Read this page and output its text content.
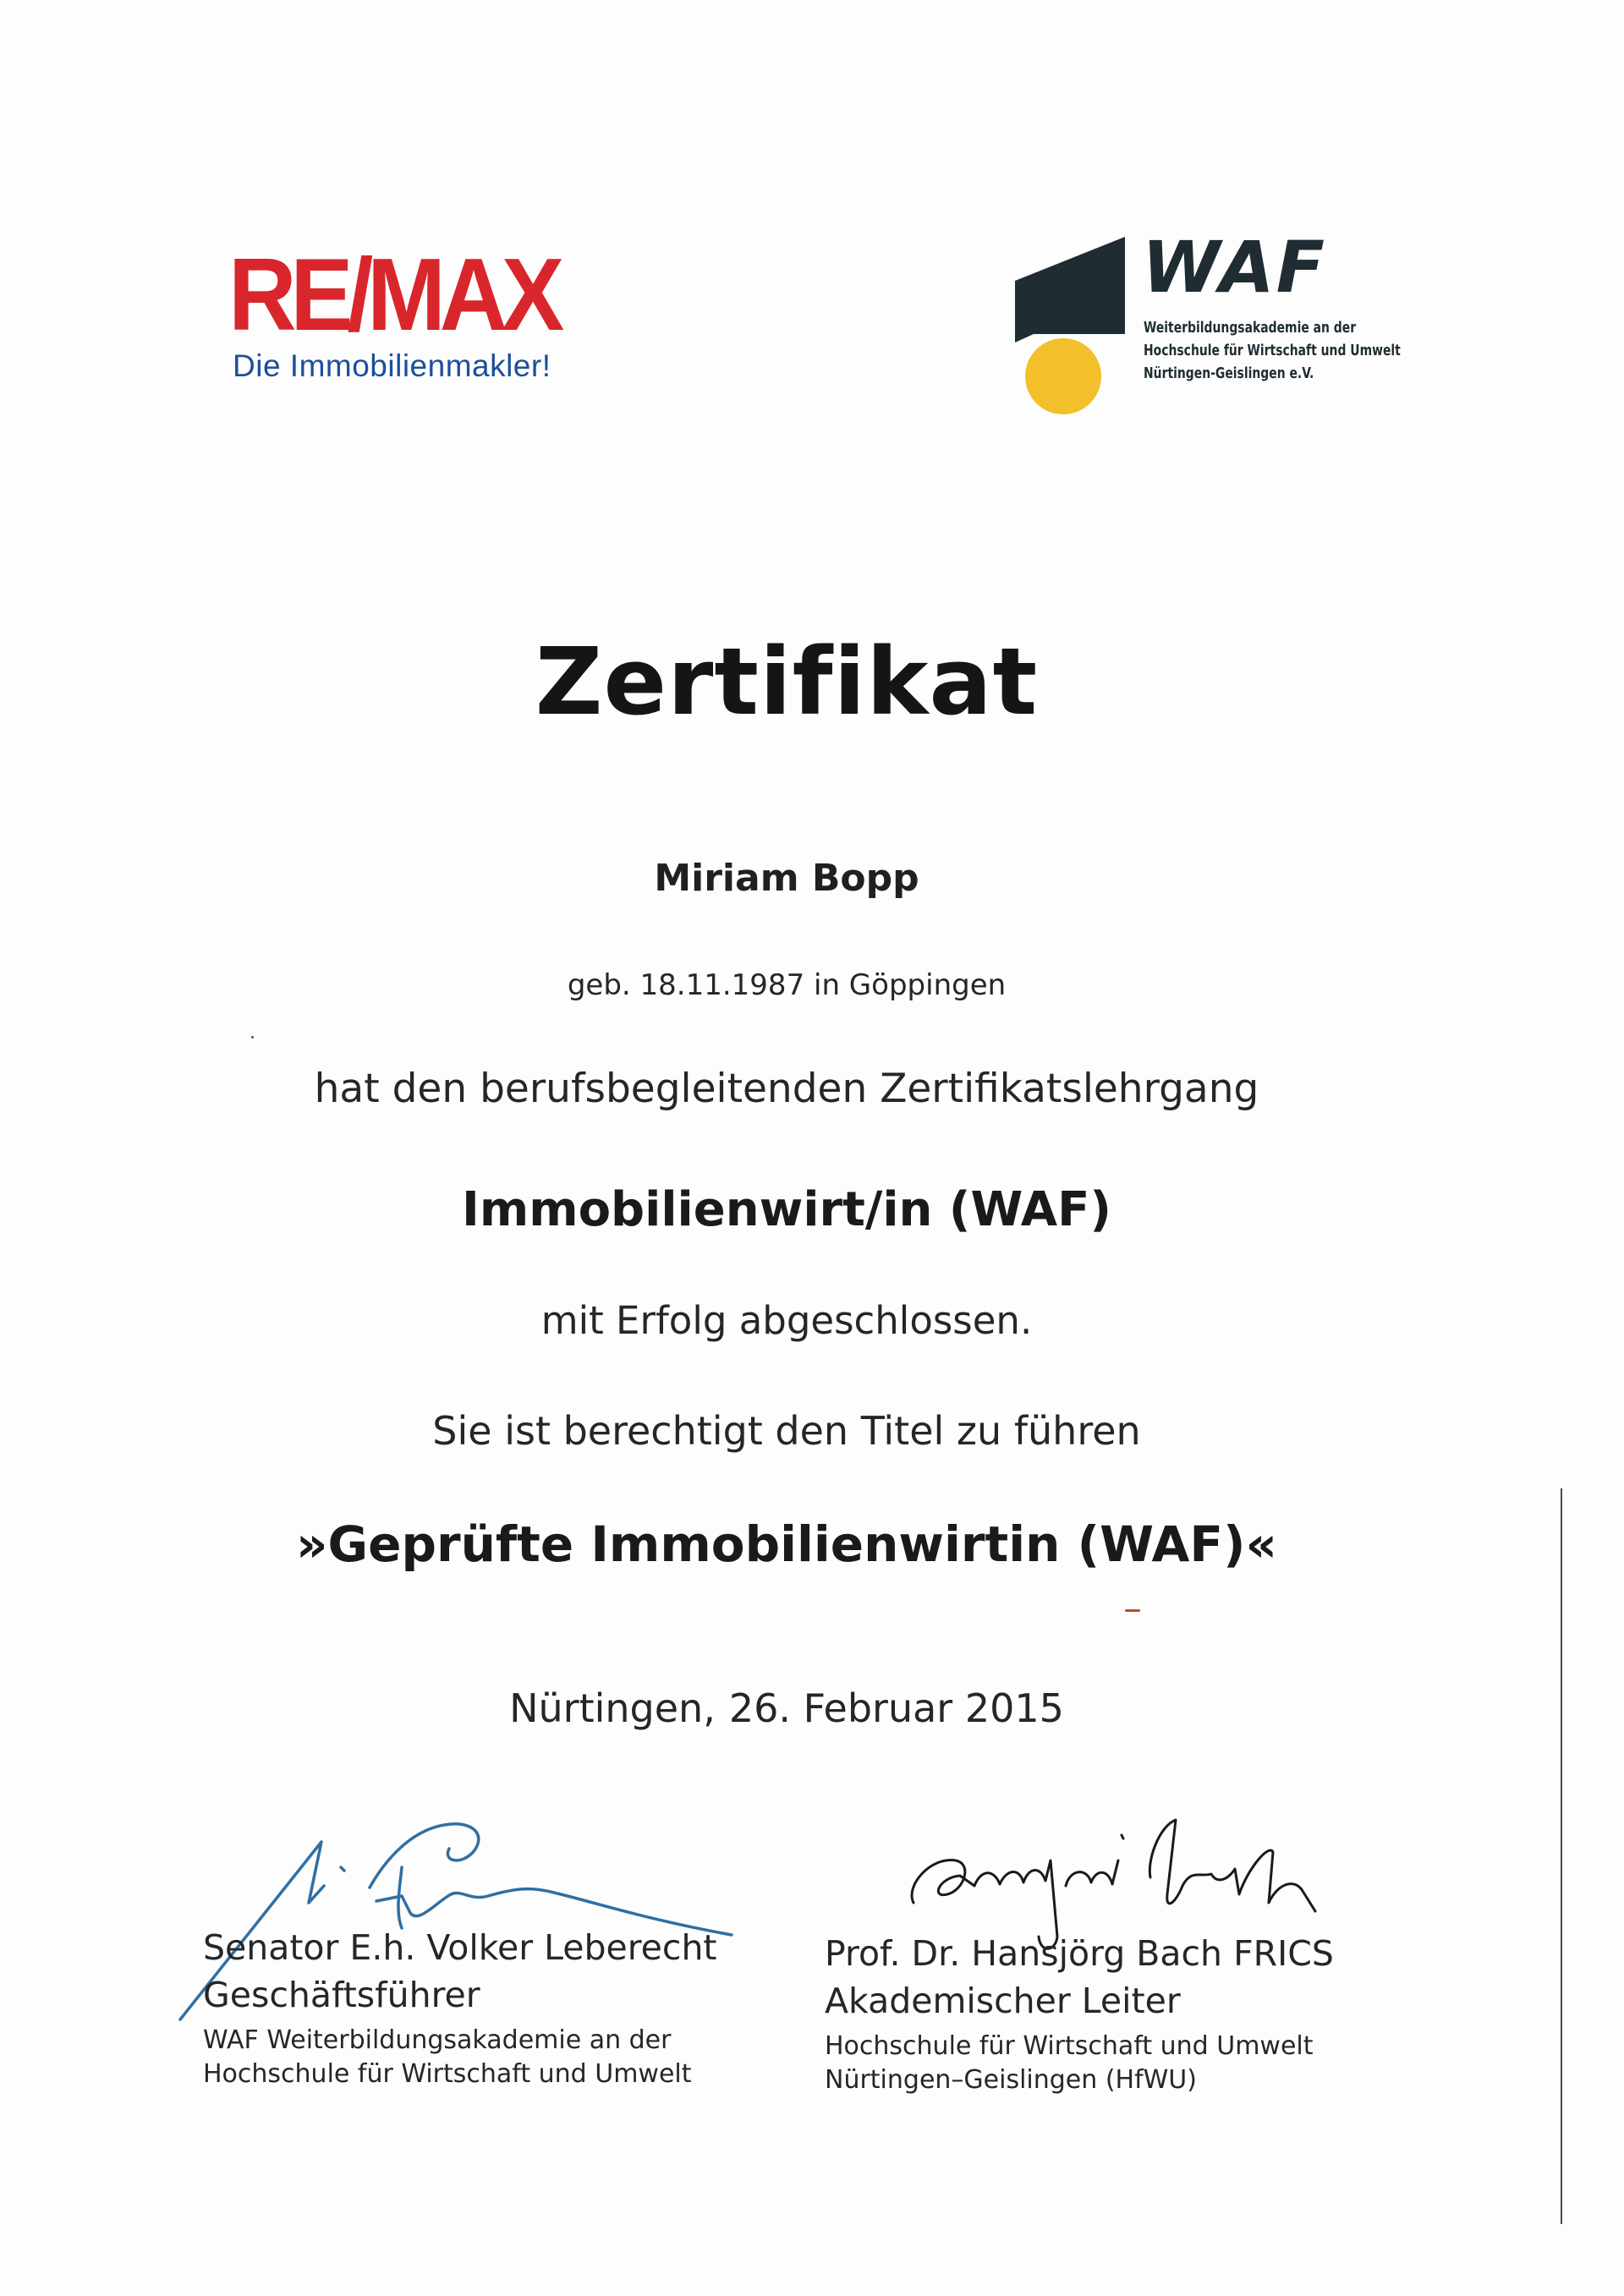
RE/MAX
Die Immobilienmakler!
WAF
Weiterbildungsakademie an der
Hochschule für Wirtschaft und Umwelt
Nürtingen-Geislingen e.V.
Zertifikat
Miriam Bopp
geb. 18.11.1987 in Göppingen
hat den berufsbegleitenden Zertifikatslehrgang
Immobilienwirt/in (WAF)
mit Erfolg abgeschlossen.
Sie ist berechtigt den Titel zu führen
»Geprüfte Immobilienwirtin (WAF)«
Nürtingen, 26. Februar 2015
Senator E.h. Volker Leberecht
Geschäftsführer
WAF Weiterbildungsakademie an der
Hochschule für Wirtschaft und Umwelt
Prof. Dr. Hansjörg Bach FRICS
Akademischer Leiter
Hochschule für Wirtschaft und Umwelt
Nürtingen–Geislingen (HfWU)
